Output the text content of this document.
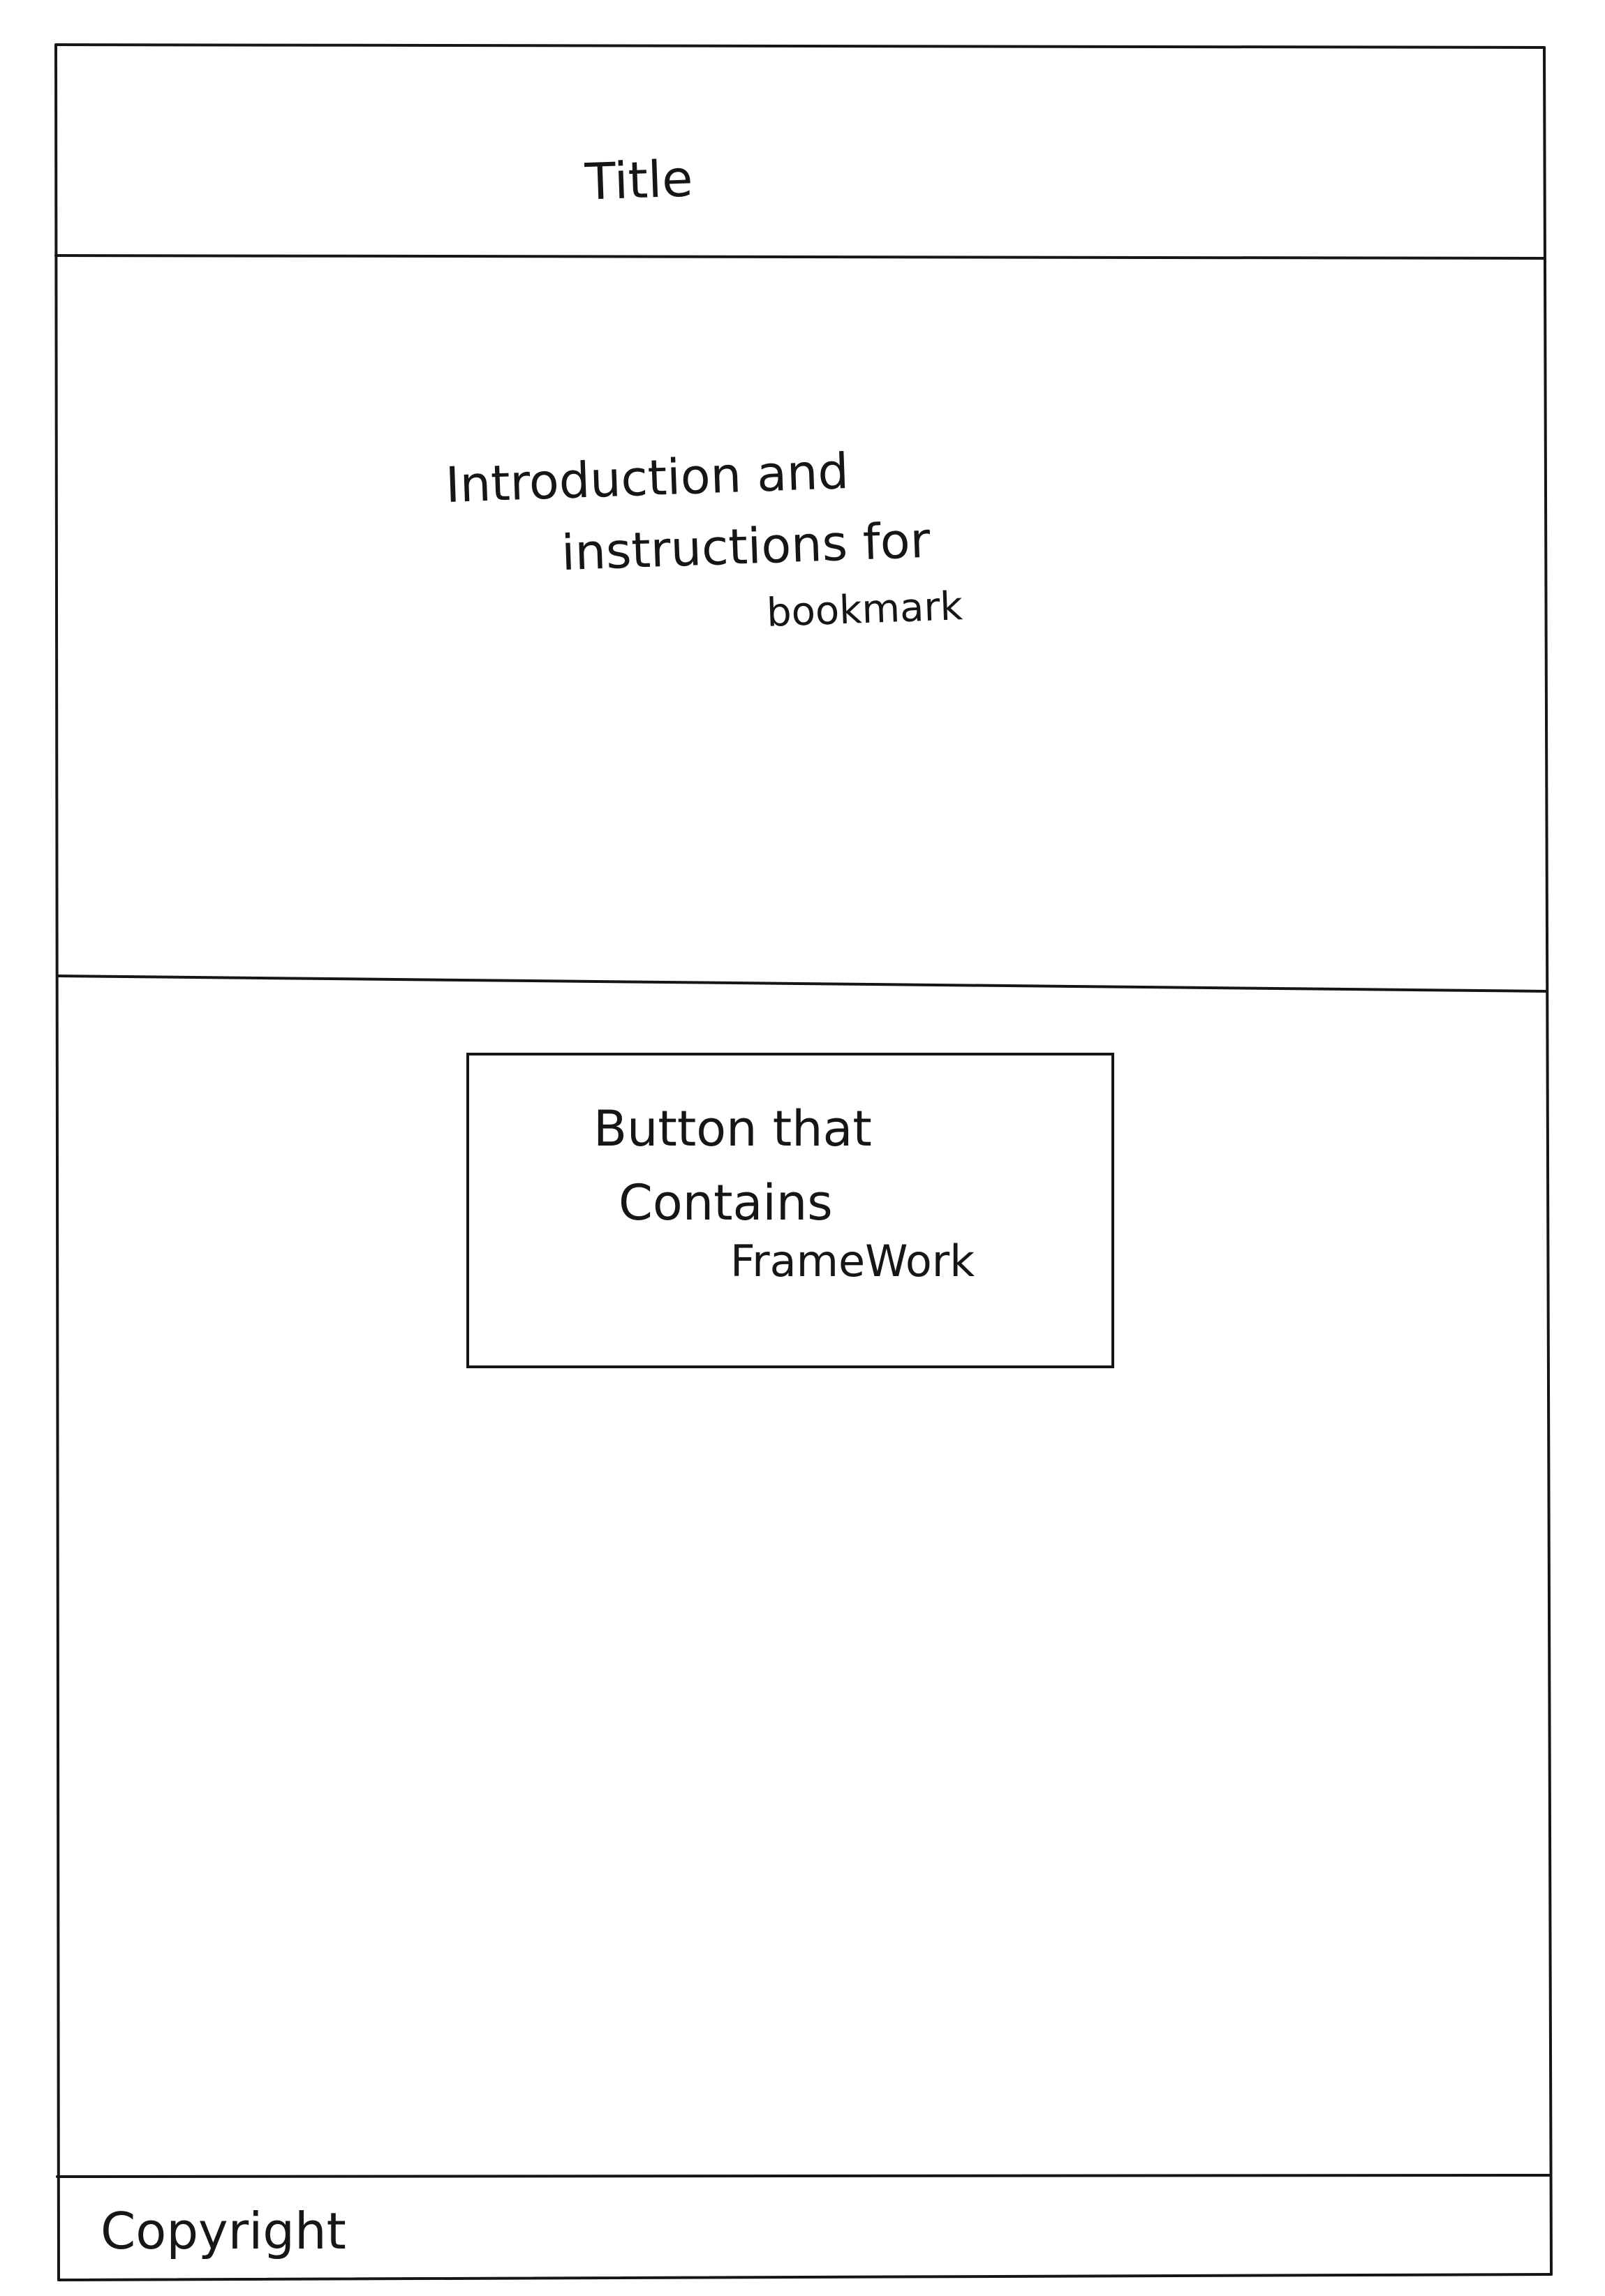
Title

Introduction and

instructions for

bookmark

Button that
Contains
FrameWork

Copyright
